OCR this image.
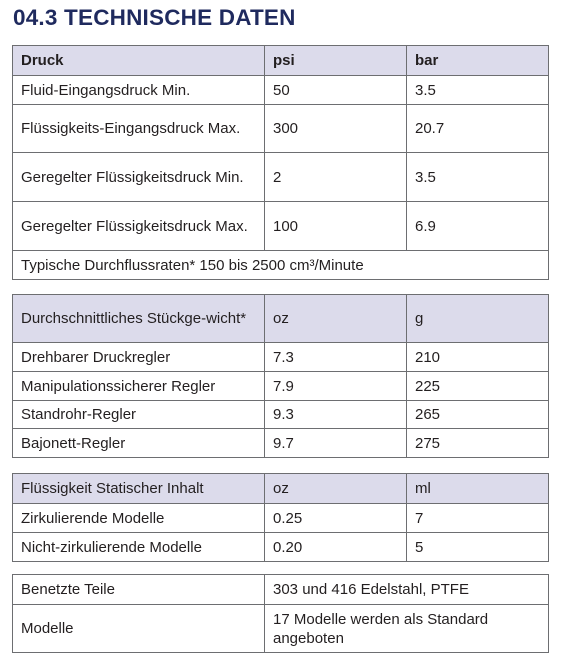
04.3 TECHNISCHE DATEN
Druck	psi	bar
Fluid-Eingangsdruck Min.	50	3.5
Flüssigkeits-Eingangsdruck Max.	300	20.7
Geregelter Flüssigkeitsdruck Min.	2	3.5
Geregelter Flüssigkeitsdruck Max.	100	6.9
Typische Durchflussraten* 150 bis 2500 cm³/Minute		
Durchschnittliches Stückge-wicht*	oz	g
Drehbarer Druckregler	7.3	210
Manipulationssicherer Regler	7.9	225
Standrohr-Regler	9.3	265
Bajonett-Regler	9.7	275
Flüssigkeit Statischer Inhalt	oz	ml
Zirkulierende Modelle	0.25	7
Nicht-zirkulierende Modelle	0.20	5
Benetzte Teile	303 und 416 Edelstahl, PTFE
Modelle	17 Modelle werden als Standard angeboten
